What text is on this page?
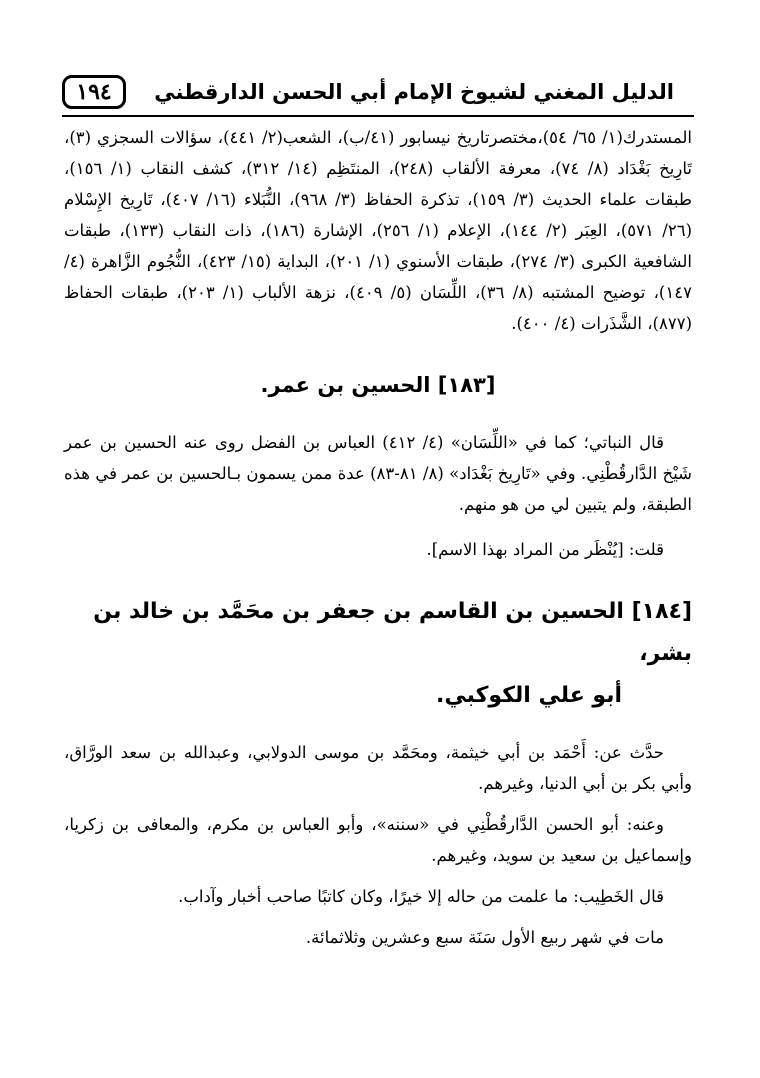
الدليل المغني لشيوخ الإمام أبي الحسن الدارقطني
١٩٤

المستدرك(١/ ٦٥/ ٥٤)،مختصرتاريخ نيسابور (٤١/ب)، الشعب(٢/ ٤٤١)، سؤالات السجزي (٣)، تَارِيخ بَغْدَاد (٨/ ٧٤)، معرفة الألقاب (٢٤٨)، المنتَظِم (١٤/ ٣١٢)، كشف النقاب (١/ ١٥٦)، طبقات علماء الحديث (٣/ ١٥٩)، تذكرة الحفاظ (٣/ ٩٦٨)، النُّبَلاء (١٦/ ٤٠٧)، تَارِيخ الإِسْلام (٢٦/ ٥٧١)، العِبَر (٢/ ١٤٤)، الإعلام (١/ ٢٥٦)، الإشارة (١٨٦)، ذات النقاب (١٣٣)، طبقات الشافعية الكبرى (٣/ ٢٧٤)، طبقات الأسنوي (١/ ٢٠١)، البداية (١٥/ ٤٢٣)، النُّجُوم الزَّاهرة (٤/ ١٤٧)، توضيح المشتبه (٨/ ٣٦)، اللِّسَان (٥/ ٤٠٩)، نزهة الألباب (١/ ٢٠٣)، طبقات الحفاظ (٨٧٧)، الشَّذَرات (٤/ ٤٠٠).

[١٨٣] الحسين بن عمر.

قال النباتي؛ كما في «اللِّسَان» (٤/ ٤١٢) العباس بن الفضل روى عنه الحسين بن عمر شَيْخ الدَّارقُطْنِي. وفي «تَارِيخ بَغْدَاد» (٨/ ٨١-٨٣) عدة ممن يسمون بـالحسين بن عمر في هذه الطبقة، ولم يتبين لي من هو منهم.

قلت: [يُنْظَر من المراد بهذا الاسم].

[١٨٤] الحسين بن القاسم بن جعفر بن محَمَّد بن خالد بن بشر،
أبو علي الكوكبي.

حدَّث عن: أَحْمَد بن أبي خيثمة، ومحَمَّد بن موسى الدولابي، وعبدالله بن سعد الورَّاق، وأبي بكر بن أبي الدنيا، وغيرهم.

وعنه: أبو الحسن الدَّارقُطْنِي في «سننه»، وأبو العباس بن مكرم، والمعافى بن زكريا، وإسماعيل بن سعيد بن سويد، وغيرهم.

قال الخَطِيب: ما علمت من حاله إلا خيرًا، وكان كاتبًا صاحب أخبار وآداب.

مات في شهر ربيع الأول سَنَة سبع وعشرين وثلاثمائة.
